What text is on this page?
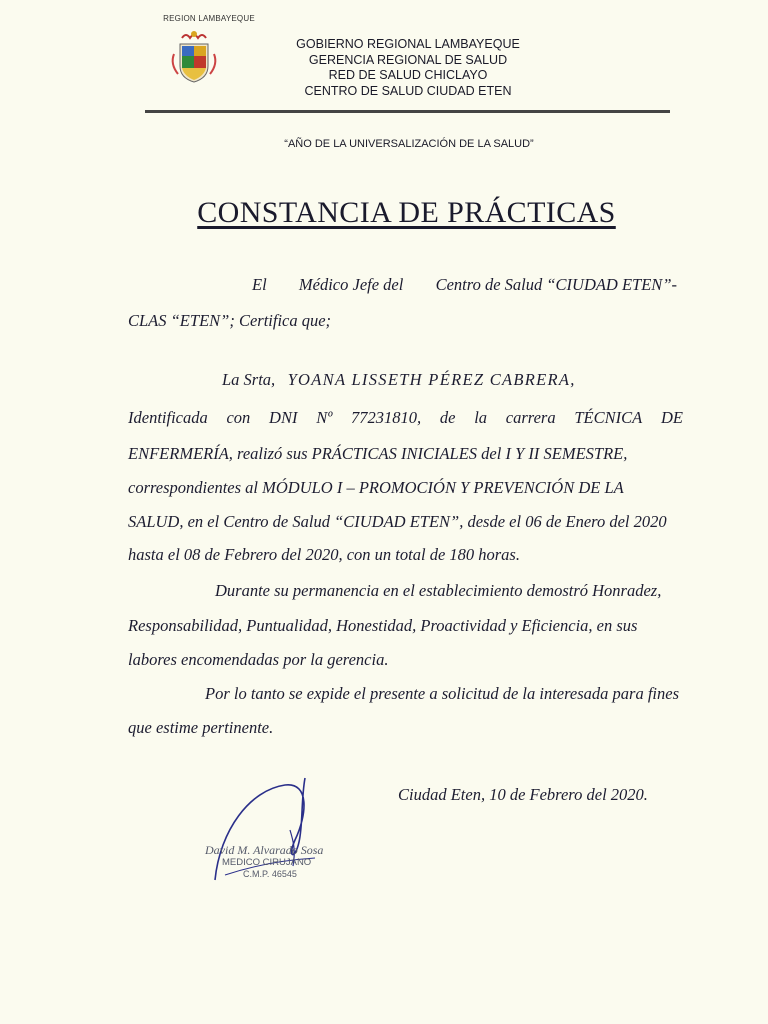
REGION LAMBAYEQUE
GOBIERNO REGIONAL LAMBAYEQUE
GERENCIA REGIONAL DE SALUD
RED DE SALUD CHICLAYO
CENTRO DE SALUD CIUDAD ETEN
“AÑO DE LA UNIVERSALIZACIÓN DE LA SALUD”
CONSTANCIA DE PRÁCTICAS
El Médico Jefe del Centro de Salud “CIUDAD ETEN”-
CLAS “ETEN”; Certifica que;
La Srta, YOANA LISSETH PÉREZ CABRERA,
Identificada con DNI Nº 77231810, de la carrera TÉCNICA DE
ENFERMERÍA, realizó sus PRÁCTICAS INICIALES del I Y II SEMESTRE,
correspondientes al MÓDULO I – PROMOCIÓN Y PREVENCIÓN DE LA
SALUD, en el Centro de Salud “CIUDAD ETEN”, desde el 06 de Enero del 2020
hasta el 08 de Febrero del 2020, con un total de 180 horas.
Durante su permanencia en el establecimiento demostró Honradez,
Responsabilidad, Puntualidad, Honestidad, Proactividad y Eficiencia, en sus
labores encomendadas por la gerencia.
Por lo tanto se expide el presente a solicitud de la interesada para fines
que estime pertinente.
Ciudad Eten, 10 de Febrero del 2020.
David M. Alvarado Sosa
MEDICO CIRUJANO
C.M.P. 46545
